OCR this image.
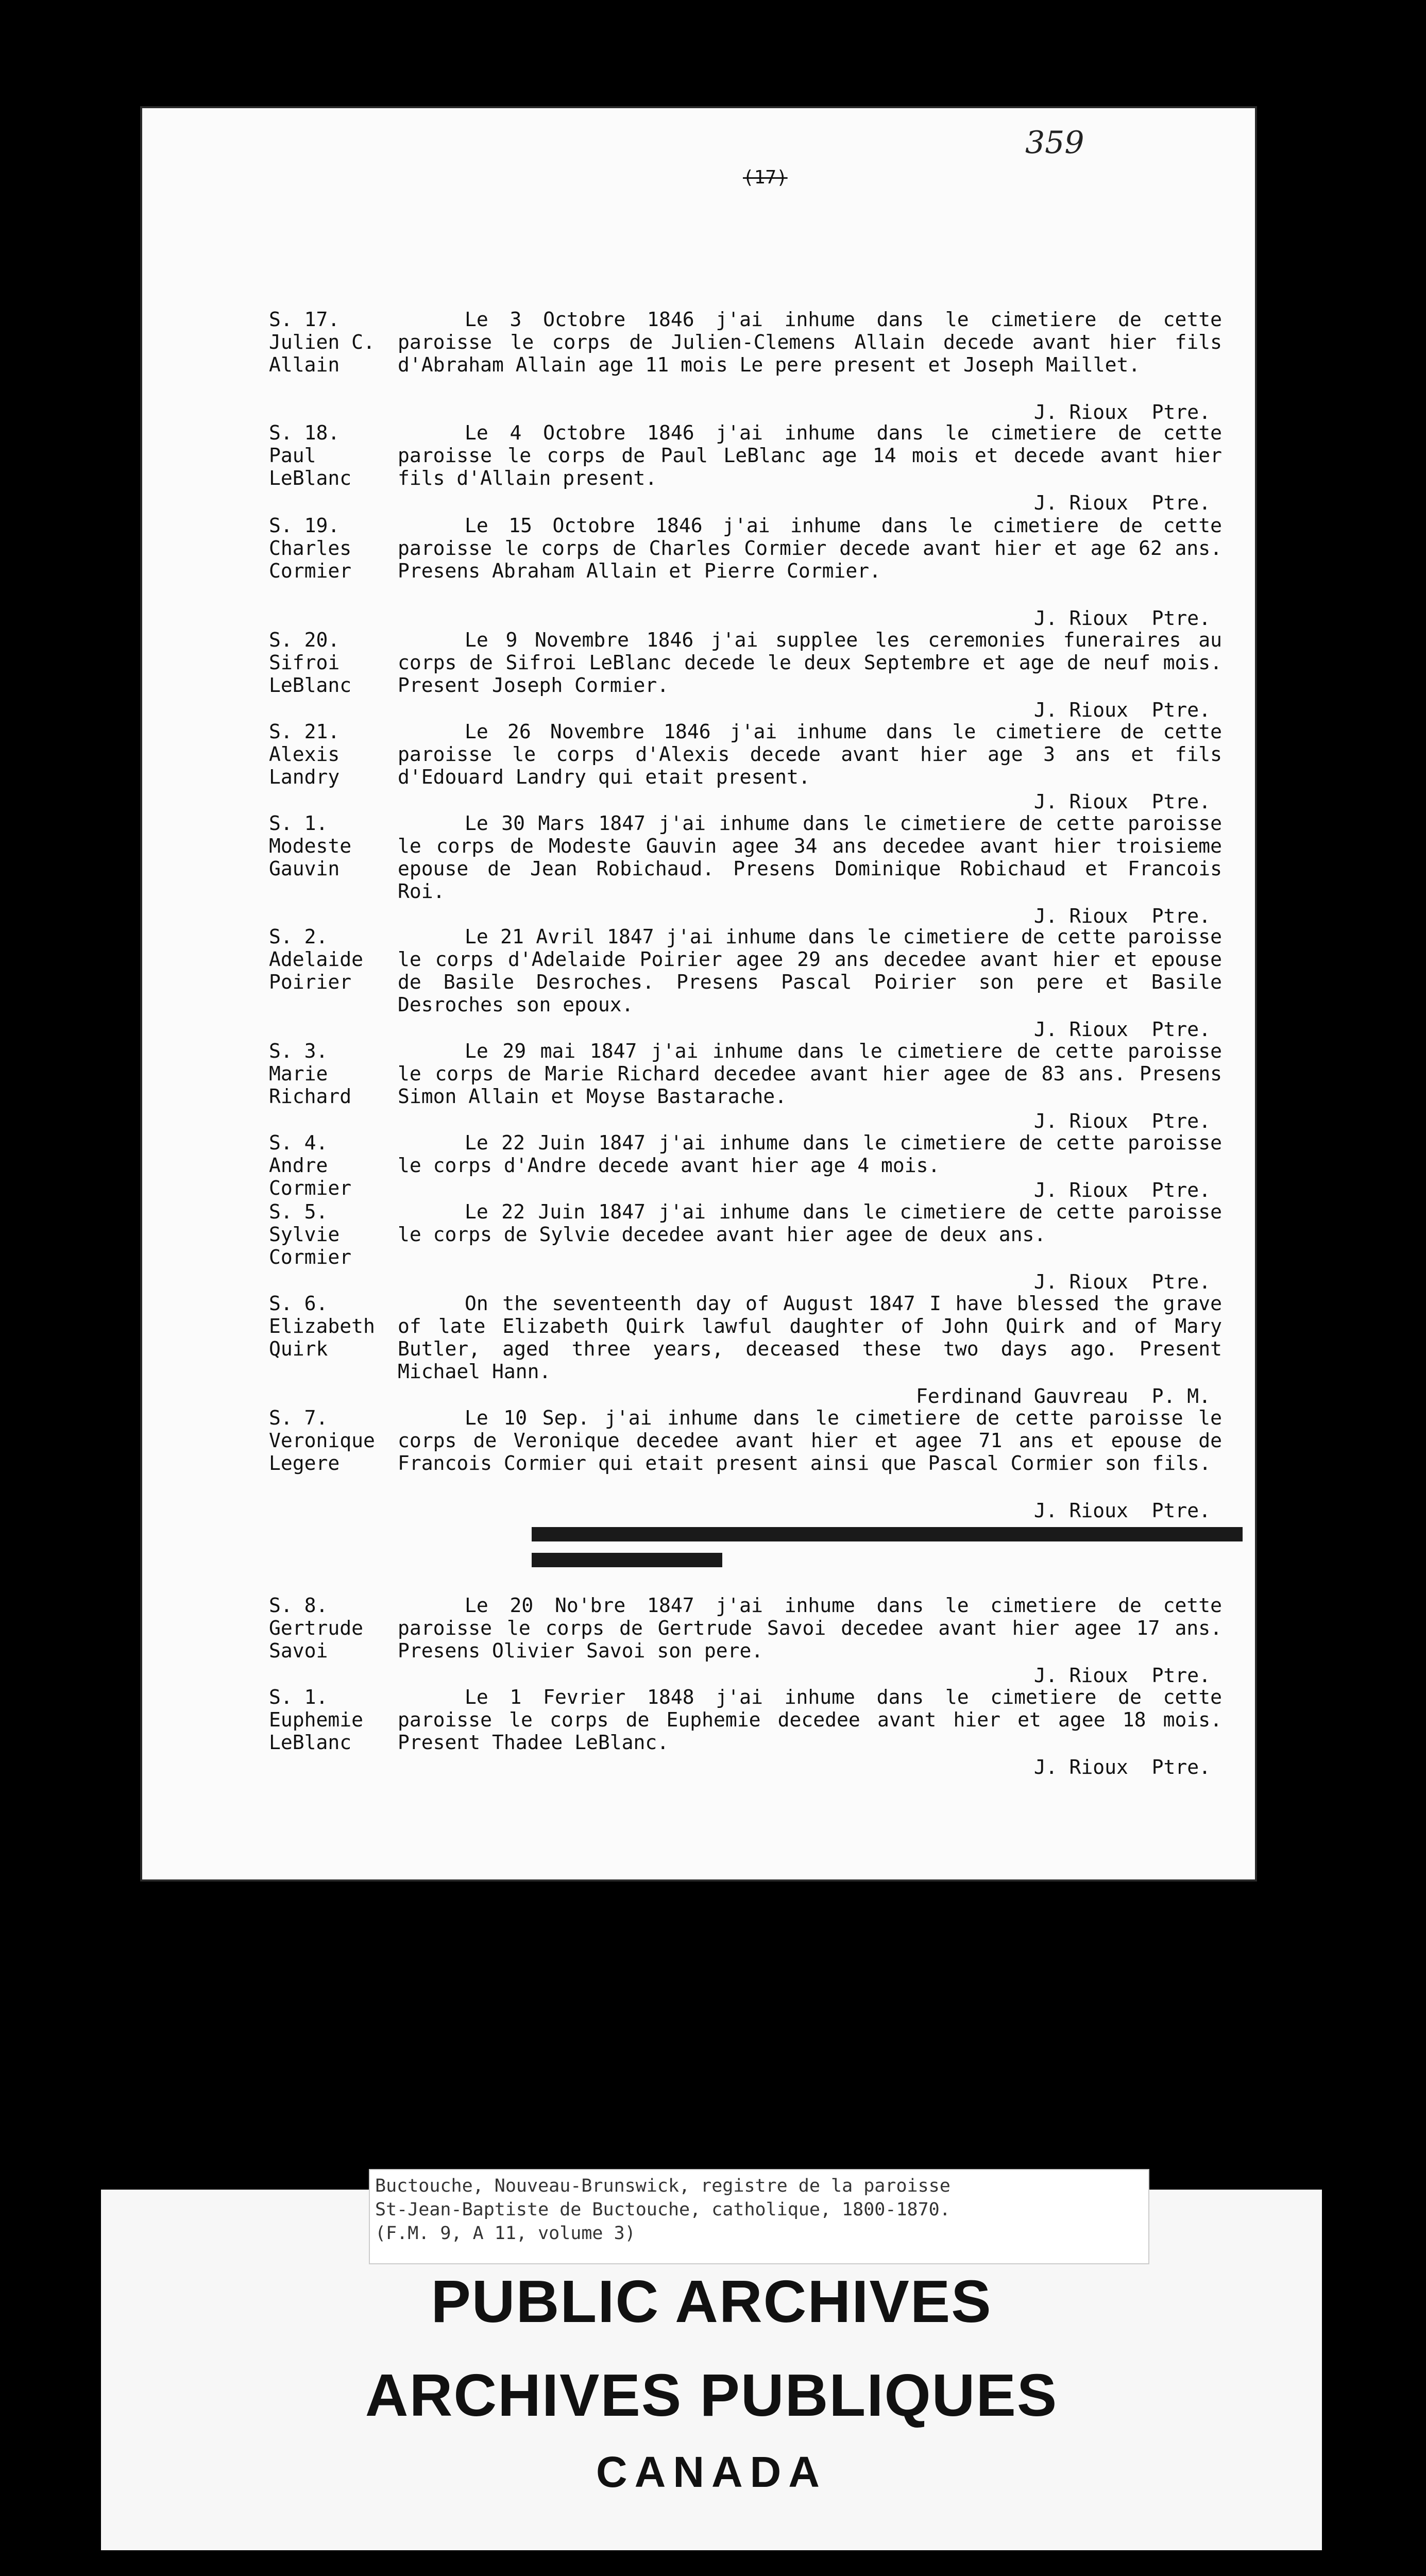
359
(17)
S. 17.
Julien C.
Allain
Le 3 Octobre 1846 j'ai inhume dans le cimetiere de cette paroisse le corps de Julien-Clemens Allain decede avant hier fils d'Abraham Allain age 11 mois Le pere present et Joseph Maillet.
J. Rioux  Ptre.
S. 18.
Paul
LeBlanc
Le 4 Octobre 1846 j'ai inhume dans le cimetiere de cette paroisse le corps de Paul LeBlanc age 14 mois et decede avant hier fils d'Allain present.
J. Rioux  Ptre.
S. 19.
Charles
Cormier
Le 15 Octobre 1846 j'ai inhume dans le cimetiere de cette paroisse le corps de Charles Cormier decede avant hier et age 62 ans. Presens Abraham Allain et Pierre Cormier.
J. Rioux  Ptre.
S. 20.
Sifroi
LeBlanc
Le 9 Novembre 1846 j'ai supplee les ceremonies funeraires au corps de Sifroi LeBlanc decede le deux Septembre et age de neuf mois. Present Joseph Cormier.
J. Rioux  Ptre.
S. 21.
Alexis
Landry
Le 26 Novembre 1846 j'ai inhume dans le cimetiere de cette paroisse le corps d'Alexis decede avant hier age 3 ans et fils d'Edouard Landry qui etait present.
J. Rioux  Ptre.
S. 1.
Modeste
Gauvin
Le 30 Mars 1847 j'ai inhume dans le cimetiere de cette paroisse le corps de Modeste Gauvin agee 34 ans decedee avant hier troisieme epouse de Jean Robichaud. Presens Dominique Robichaud et Francois Roi.
J. Rioux  Ptre.
S. 2.
Adelaide
Poirier
Le 21 Avril 1847 j'ai inhume dans le cimetiere de cette paroisse le corps d'Adelaide Poirier agee 29 ans decedee avant hier et epouse de Basile Desroches. Presens Pascal Poirier son pere et Basile Desroches son epoux.
J. Rioux  Ptre.
S. 3.
Marie
Richard
Le 29 mai 1847 j'ai inhume dans le cimetiere de cette paroisse le corps de Marie Richard decedee avant hier agee de 83 ans. Presens Simon Allain et Moyse Bastarache.
J. Rioux  Ptre.
S. 4.
Andre
Cormier
Le 22 Juin 1847 j'ai inhume dans le cimetiere de cette paroisse le corps d'Andre decede avant hier age 4 mois.
J. Rioux  Ptre.
S. 5.
Sylvie
Cormier
Le 22 Juin 1847 j'ai inhume dans le cimetiere de cette paroisse le corps de Sylvie decedee avant hier agee de deux ans.
J. Rioux  Ptre.
S. 6.
Elizabeth
Quirk
On the seventeenth day of August 1847 I have blessed the grave of late Elizabeth Quirk lawful daughter of John Quirk and of Mary Butler, aged three years, deceased these two days ago. Present Michael Hann.
Ferdinand Gauvreau  P. M.
S. 7.
Veronique
Legere
Le 10 Sep. j'ai inhume dans le cimetiere de cette paroisse le corps de Veronique decedee avant hier et agee 71 ans et epouse de Francois Cormier qui etait present ainsi que Pascal Cormier son fils.
J. Rioux  Ptre.
S. 8.
Gertrude
Savoi
Le 20 No'bre 1847 j'ai inhume dans le cimetiere de cette paroisse le corps de Gertrude Savoi decedee avant hier agee 17 ans. Presens Olivier Savoi son pere.
J. Rioux  Ptre.
S. 1.
Euphemie
LeBlanc
Le 1 Fevrier 1848 j'ai inhume dans le cimetiere de cette paroisse le corps de Euphemie decedee avant hier et agee 18 mois. Present Thadee LeBlanc.
J. Rioux  Ptre.
Buctouche, Nouveau-Brunswick, registre de la paroisse
St-Jean-Baptiste de Buctouche, catholique, 1800-1870.
(F.M. 9, A 11, volume 3)
PUBLIC ARCHIVES
ARCHIVES PUBLIQUES
CANADA
